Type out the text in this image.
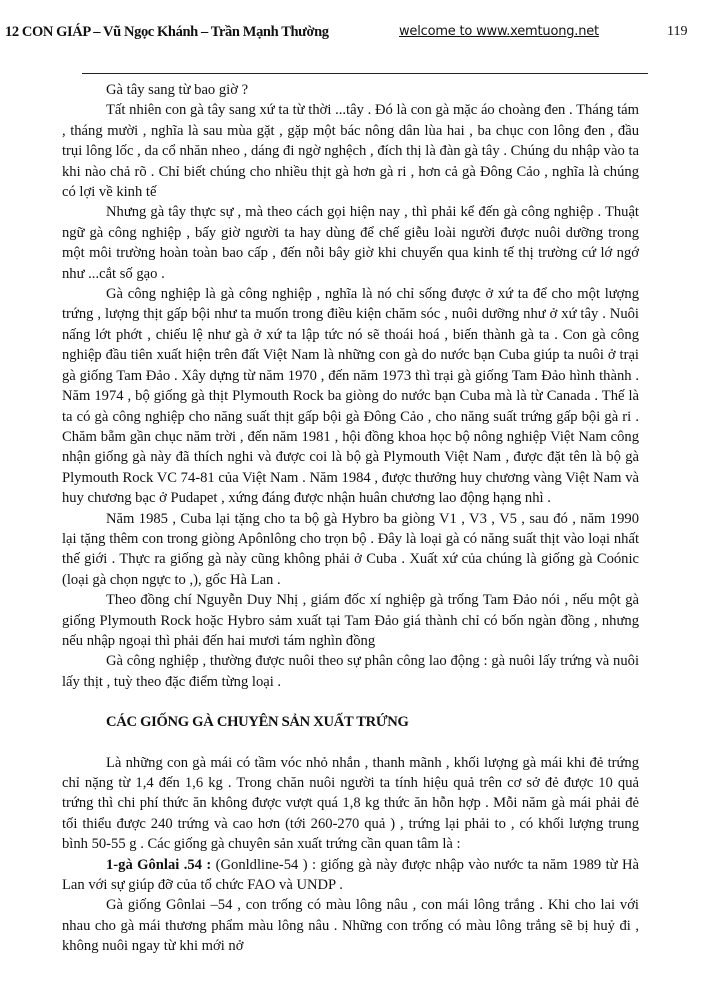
12 CON GIÁP – Vũ Ngọc Khánh – Trần Mạnh Thường	welcome to www.xemtuong.net	119

Gà tây sang từ bao giờ ?

Tất nhiên con gà tây sang xứ ta từ thời ...tây . Đó là con gà mặc áo choàng đen . Tháng tám , tháng mười , nghĩa là sau mùa gặt , gặp một bác nông dân lùa hai , ba chục con lông đen , đầu trụi lông lốc , da cổ nhăn nheo , dáng đi ngờ nghệch , đích thị là đàn gà tây . Chúng du nhập vào ta khi nào chả rõ . Chỉ biết chúng cho nhiều thịt gà hơn gà ri , hơn cả gà Đông Cảo , nghĩa là chúng có lợi về kinh tế

Nhưng gà tây thực sự , mà theo cách gọi hiện nay , thì phải kể đến gà công nghiệp . Thuật ngữ gà công nghiệp , bấy giờ người ta hay dùng để chế giễu loài người được nuôi dưỡng trong một môi trường hoàn toàn bao cấp , đến nỗi bây giờ khi chuyển qua kinh tế thị trường cứ lớ ngớ như ...cắt số gạo .

Gà công nghiệp là gà công nghiệp , nghĩa là nó chỉ sống được ở xứ ta để cho một lượng trứng , lượng thịt gấp bội như ta muốn trong điều kiện chăm sóc , nuôi dưỡng như ở xứ tây . Nuôi nấng lớt phớt , chiếu lệ như gà ở xứ ta lập tức nó sẽ thoái hoá , biến thành gà ta . Con gà công nghiệp đầu tiên xuất hiện trên đất Việt Nam là những con gà do nước bạn Cuba giúp ta nuôi ở trại gà giống Tam Đảo . Xây dựng từ năm 1970 , đến năm 1973 thì trại gà giống Tam Đảo hình thành . Năm 1974 , bộ giống gà thịt Plymouth Rock ba giòng do nước bạn Cuba mà là từ Canada . Thế là ta có gà công nghiệp cho năng suất thịt gấp bội gà Đông Cảo , cho năng suất trứng gấp bội gà ri . Chăm bẵm gần chục năm trời , đến năm 1981 , hội đồng khoa học bộ nông nghiệp Việt Nam công nhận giống gà này đã thích nghi và được coi là bộ gà Plymouth Việt Nam , được đặt tên là bộ gà Plymouth Rock VC 74-81 của Việt Nam . Năm 1984 , được thưởng huy chương vàng Việt Nam và huy chương bạc ở Pudapet , xứng đáng được nhận huân chương lao động hạng nhì .

Năm 1985 , Cuba lại tặng cho ta bộ gà Hybro ba giòng V1 , V3 , V5 , sau đó , năm 1990 lại tặng thêm con trong giòng Apônlông cho trọn bộ . Đây là loại gà có năng suất thịt vào loại nhất thế giới . Thực ra giống gà này cũng không phải ở Cuba . Xuất xứ của chúng là giống gà Coónic (loại gà chọn ngực to ,), gốc Hà Lan .

Theo đồng chí Nguyễn Duy Nhị , giám đốc xí nghiệp gà trống Tam Đảo nói , nếu một gà giống Plymouth Rock hoặc Hybro sảm xuất tại Tam Đảo giá thành chỉ có bốn ngàn đồng , nhưng nếu nhập ngoại thì phải đến hai mươi tám nghìn đồng

Gà công nghiệp , thường được nuôi theo sự phân công lao động : gà nuôi lấy trứng và nuôi lấy thịt , tuỳ theo đặc điểm từng loại .

CÁC GIỐNG GÀ CHUYÊN SẢN XUẤT TRỨNG

Là những con gà mái có tầm vóc nhỏ nhắn , thanh mãnh , khối lượng gà mái khi đẻ trứng chỉ nặng từ 1,4 đến 1,6 kg . Trong chăn nuôi người ta tính hiệu quả trên cơ sở đẻ được 10 quả trứng thì chi phí thức ăn không được vượt quá 1,8 kg thức ăn hỗn hợp . Mỗi năm gà mái phải đẻ tối thiểu được 240 trứng và cao hơn (tới 260-270 quả ) , trứng lại phải to , có khối lượng trung bình 50-55 g . Các giống gà chuyên sản xuất trứng cần quan tâm là :

1-gà Gônlai .54 : (Gonldline-54 ) : giống gà này được nhập vào nước ta năm 1989 từ Hà Lan với sự giúp đỡ của tổ chức FAO và UNDP .

Gà giống Gônlai –54 , con trống có màu lông nâu , con mái lông trắng . Khi cho lai với nhau cho gà mái thương phẩm màu lông nâu . Những con trống có màu lông trắng sẽ bị huỷ đi , không nuôi ngay từ khi mới nở
